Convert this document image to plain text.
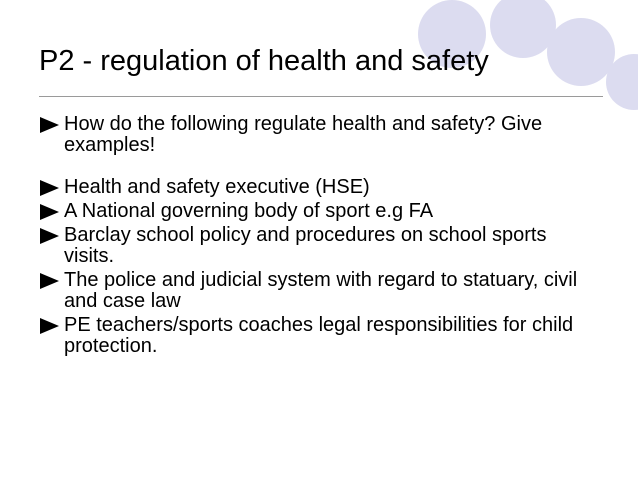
P2 - regulation of health and safety
How do the following regulate health and safety? Give examples!
Health and safety executive (HSE)
A National governing body of sport e.g FA
Barclay school policy and procedures on school sports visits.
The police and judicial system with regard to statuary, civil and case law
PE teachers/sports coaches legal responsibilities for child protection.
